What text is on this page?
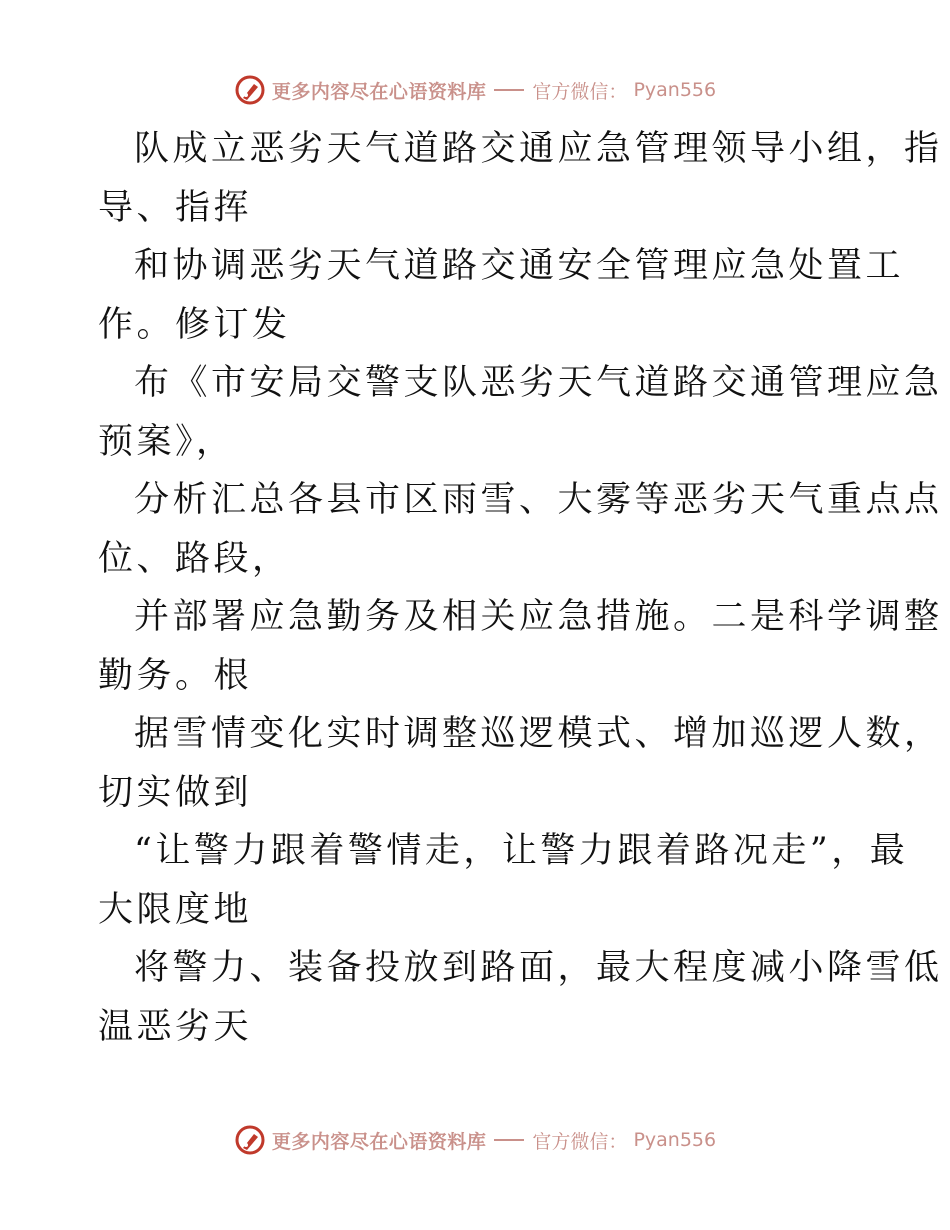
更多内容尽在心语资料库 官方微信： Pyan556
队成立恶劣天气道路交通应急管理领导小组，指
导、指挥
和协调恶劣天气道路交通安全管理应急处置工
作。修订发
布《市安局交警支队恶劣天气道路交通管理应急
预案》，
分析汇总各县市区雨雪、大雾等恶劣天气重点点
位、路段，
并部署应急勤务及相关应急措施。二是科学调整
勤务。根
据雪情变化实时调整巡逻模式、增加巡逻人数，
切实做到
“让警力跟着警情走，让警力跟着路况走”，最
大限度地
将警力、装备投放到路面，最大程度减小降雪低
温恶劣天
更多内容尽在心语资料库 官方微信： Pyan556
